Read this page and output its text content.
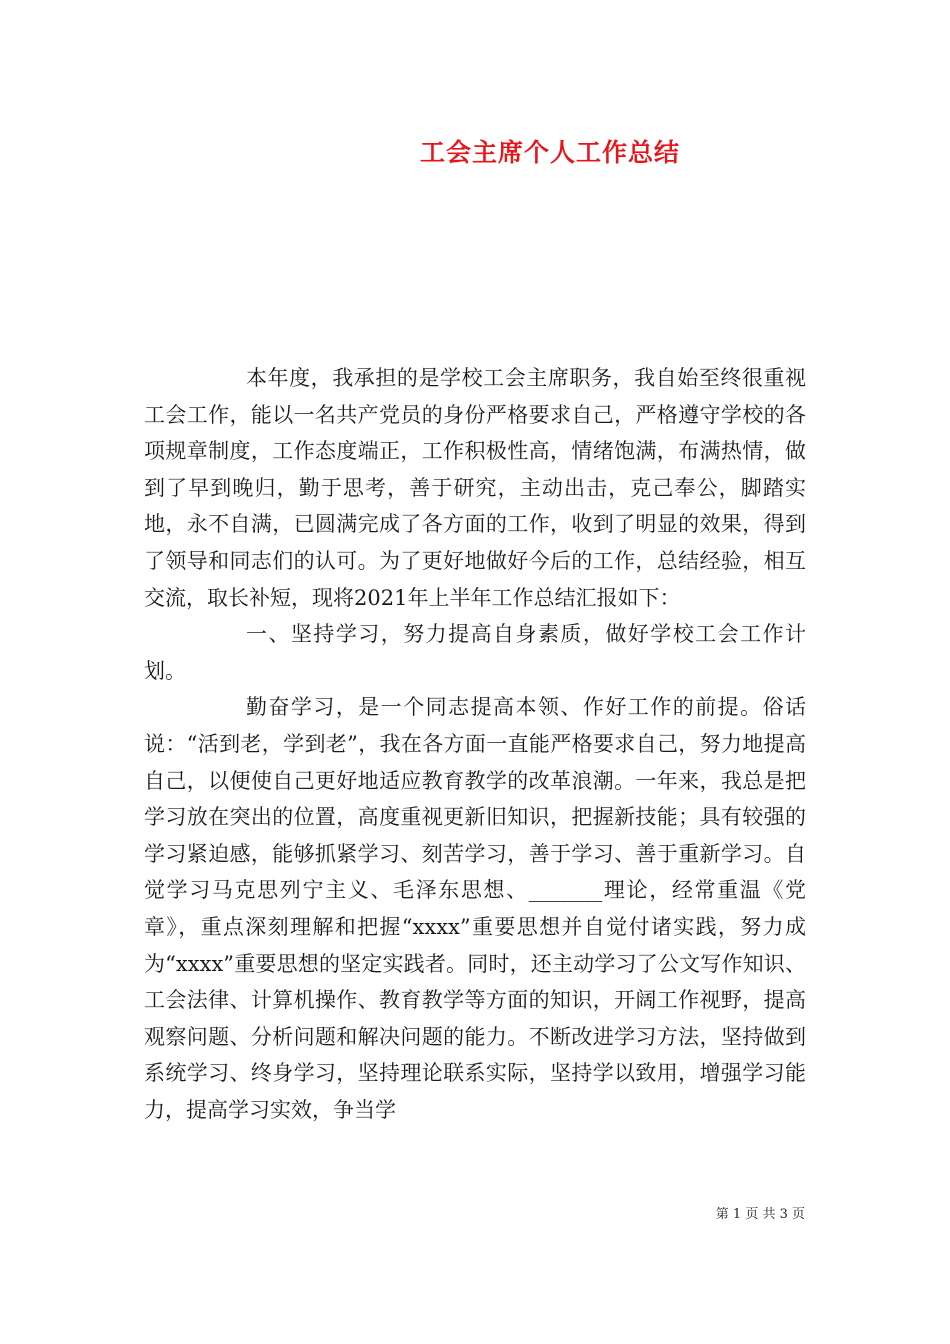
工会主席个人工作总结

本年度，我承担的是学校工会主席职务，我自始至终很重视工会工作，能以一名共产党员的身份严格要求自己，严格遵守学校的各项规章制度，工作态度端正，工作积极性高，情绪饱满，布满热情，做到了早到晚归，勤于思考，善于研究，主动出击，克己奉公，脚踏实地，永不自满，已圆满完成了各方面的工作，收到了明显的效果，得到了领导和同志们的认可。为了更好地做好今后的工作，总结经验，相互交流，取长补短，现将2021年上半年工作总结汇报如下：

一、坚持学习，努力提高自身素质，做好学校工会工作计划。

勤奋学习，是一个同志提高本领、作好工作的前提。俗话说：“活到老，学到老”，我在各方面一直能严格要求自己，努力地提高自己，以便使自己更好地适应教育教学的改革浪潮。一年来，我总是把学习放在突出的位置，高度重视更新旧知识，把握新技能；具有较强的学习紧迫感，能够抓紧学习、刻苦学习，善于学习、善于重新学习。自觉学习马克思列宁主义、毛泽东思想、_______理论，经常重温《党章》，重点深刻理解和把握“xxxx”重要思想并自觉付诸实践，努力成为“xxxx”重要思想的坚定实践者。同时，还主动学习了公文写作知识、工会法律、计算机操作、教育教学等方面的知识，开阔工作视野，提高观察问题、分析问题和解决问题的能力。不断改进学习方法，坚持做到系统学习、终身学习，坚持理论联系实际，坚持学以致用，增强学习能力，提高学习实效，争当学

第 1 页 共 3 页
